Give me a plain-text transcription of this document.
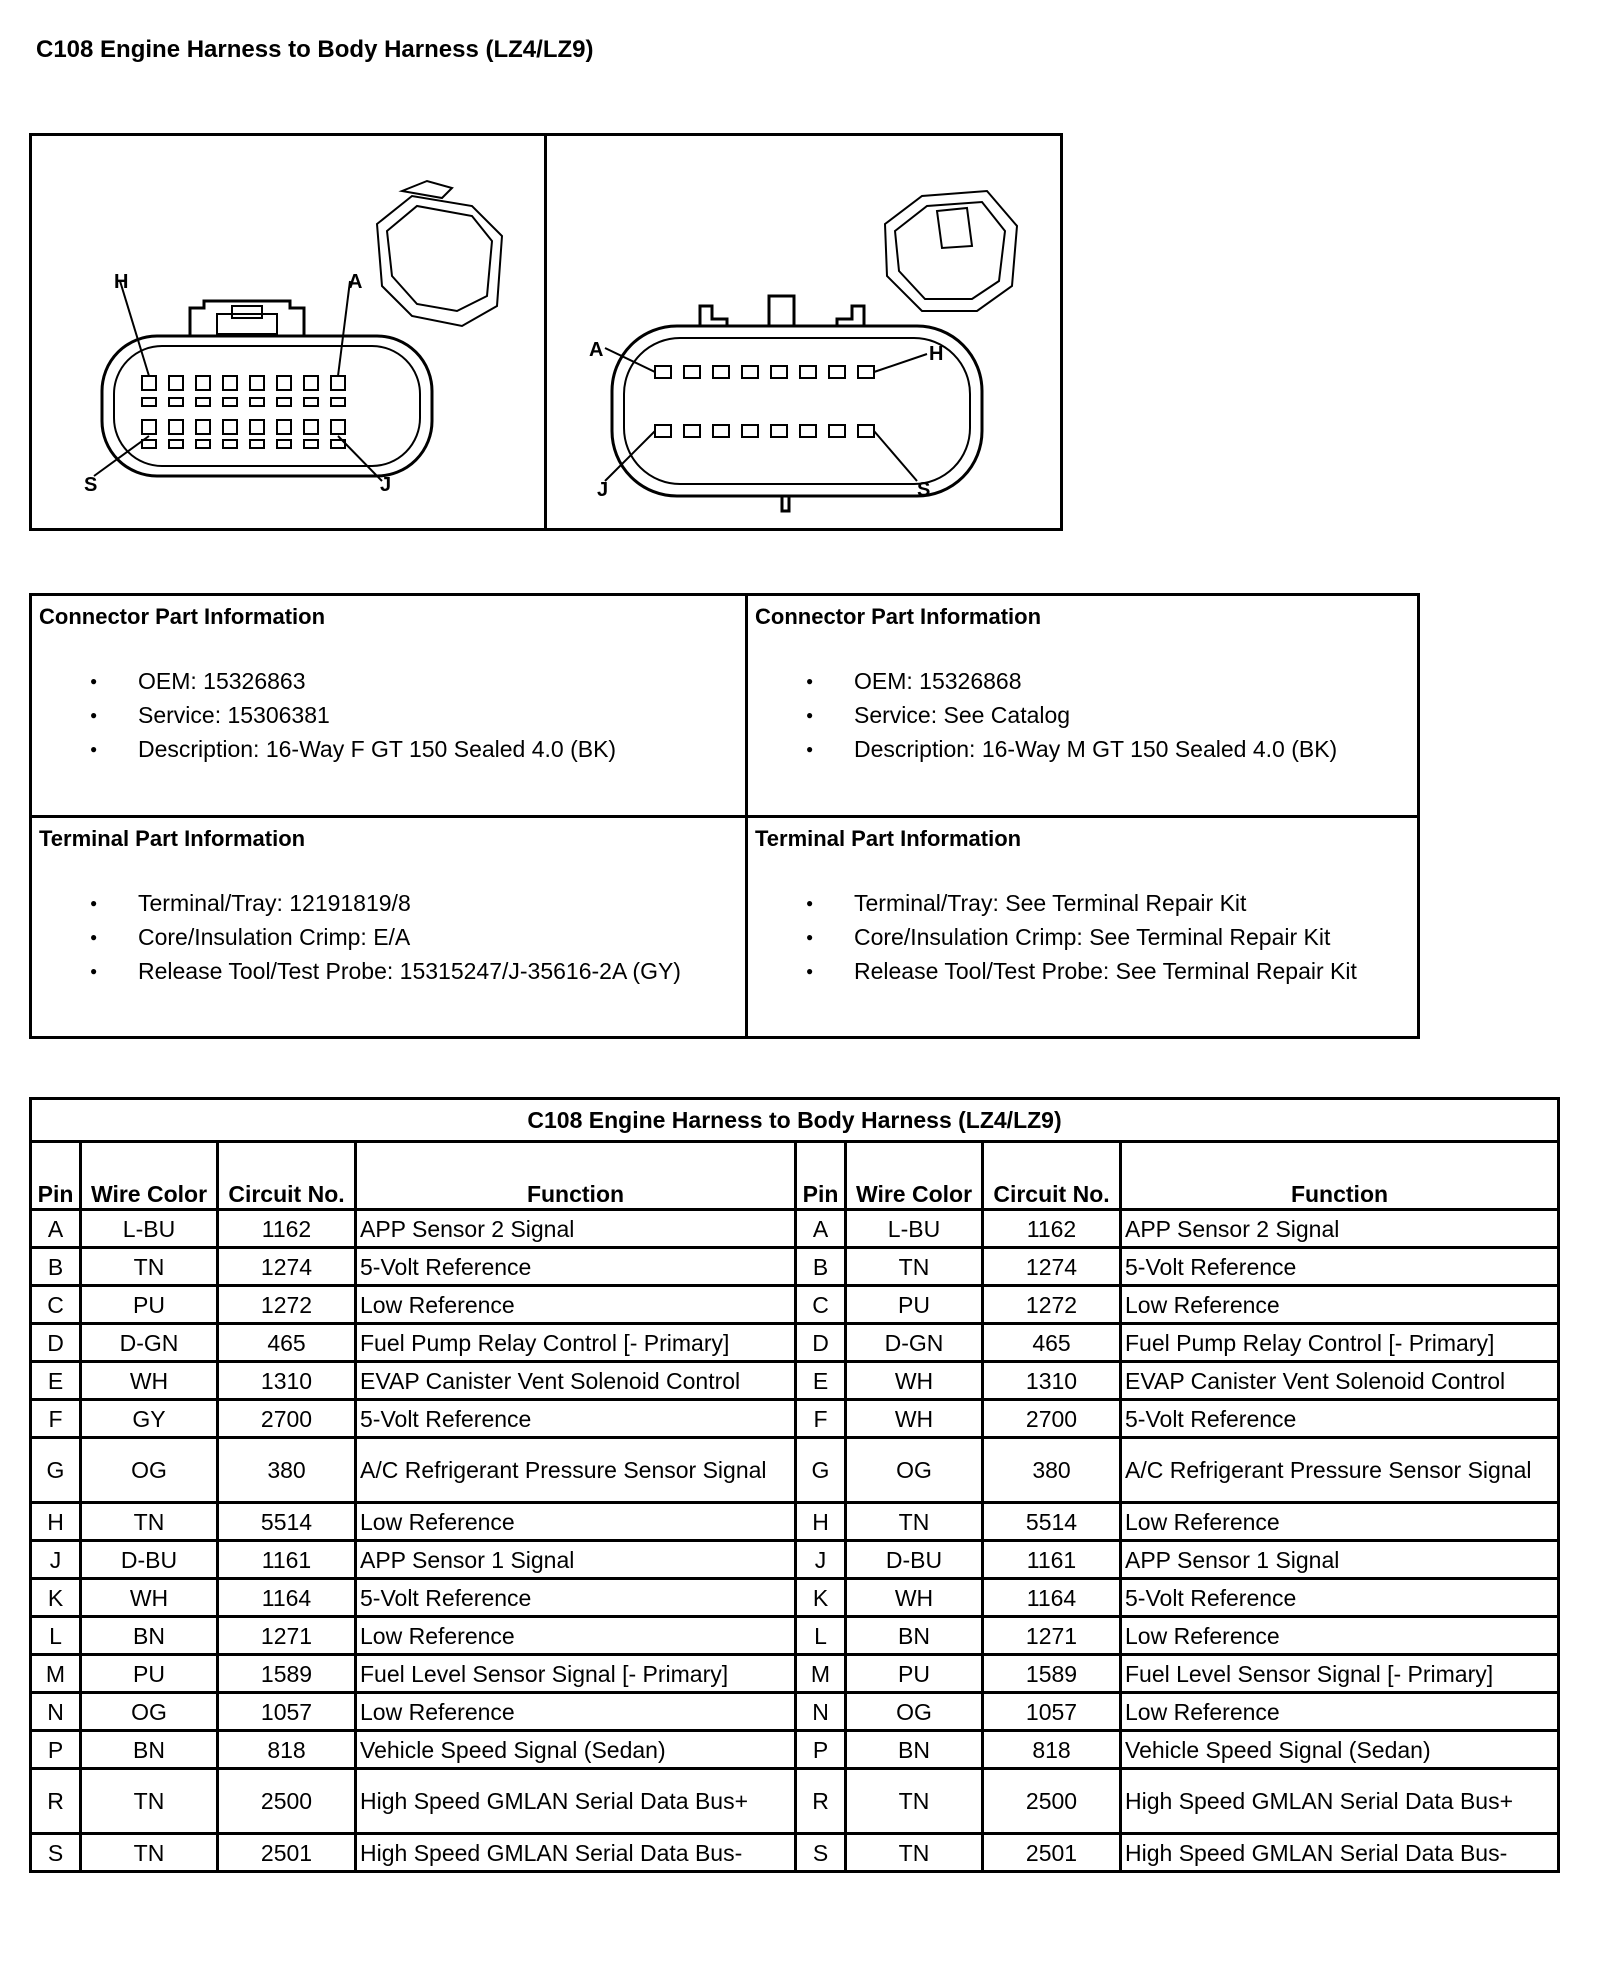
C108 Engine Harness to Body Harness (LZ4/LZ9)
H	A
S	J
A	H
J	S
Connector Part Information
● OEM: 15326863
● Service: 15306381
● Description: 16-Way F GT 150 Sealed 4.0 (BK)
Connector Part Information
● OEM: 15326868
● Service: See Catalog
● Description: 16-Way M GT 150 Sealed 4.0 (BK)
Terminal Part Information
● Terminal/Tray: 12191819/8
● Core/Insulation Crimp: E/A
● Release Tool/Test Probe: 15315247/J-35616-2A (GY)
Terminal Part Information
● Terminal/Tray: See Terminal Repair Kit
● Core/Insulation Crimp: See Terminal Repair Kit
● Release Tool/Test Probe: See Terminal Repair Kit
C108 Engine Harness to Body Harness (LZ4/LZ9)							
Pin	Wire Color	Circuit No.	Function	Pin	Wire Color	Circuit No.	Function
A	L-BU	1162	APP Sensor 2 Signal	A	L-BU	1162	APP Sensor 2 Signal
B	TN	1274	5-Volt Reference	B	TN	1274	5-Volt Reference
C	PU	1272	Low Reference	C	PU	1272	Low Reference
D	D-GN	465	Fuel Pump Relay Control [- Primary]	D	D-GN	465	Fuel Pump Relay Control [- Primary]
E	WH	1310	EVAP Canister Vent Solenoid Control	E	WH	1310	EVAP Canister Vent Solenoid Control
F	GY	2700	5-Volt Reference	F	WH	2700	5-Volt Reference
G	OG	380	A/C Refrigerant Pressure Sensor Signal	G	OG	380	A/C Refrigerant Pressure Sensor Signal
H	TN	5514	Low Reference	H	TN	5514	Low Reference
J	D-BU	1161	APP Sensor 1 Signal	J	D-BU	1161	APP Sensor 1 Signal
K	WH	1164	5-Volt Reference	K	WH	1164	5-Volt Reference
L	BN	1271	Low Reference	L	BN	1271	Low Reference
M	PU	1589	Fuel Level Sensor Signal [- Primary]	M	PU	1589	Fuel Level Sensor Signal [- Primary]
N	OG	1057	Low Reference	N	OG	1057	Low Reference
P	BN	818	Vehicle Speed Signal (Sedan)	P	BN	818	Vehicle Speed Signal (Sedan)
R	TN	2500	High Speed GMLAN Serial Data Bus+	R	TN	2500	High Speed GMLAN Serial Data Bus+
S	TN	2501	High Speed GMLAN Serial Data Bus-	S	TN	2501	High Speed GMLAN Serial Data Bus-
